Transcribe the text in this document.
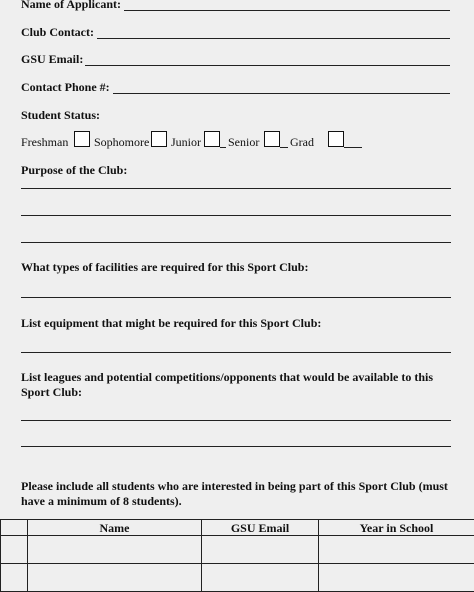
Name of Applicant:
Club Contact:
GSU Email:
Contact Phone #:
Student Status:
Freshman Sophomore Junior Senior	Grad
Purpose of the Club:
What types of facilities are required for this Sport Club:
List equipment that might be required for this Sport Club:
List leagues and potential competitions/opponents that would be available to this Sport Club:
Please include all students who are interested in being part of this Sport Club (must have a minimum of 8 students).
	Name	GSU Email	Year in School
